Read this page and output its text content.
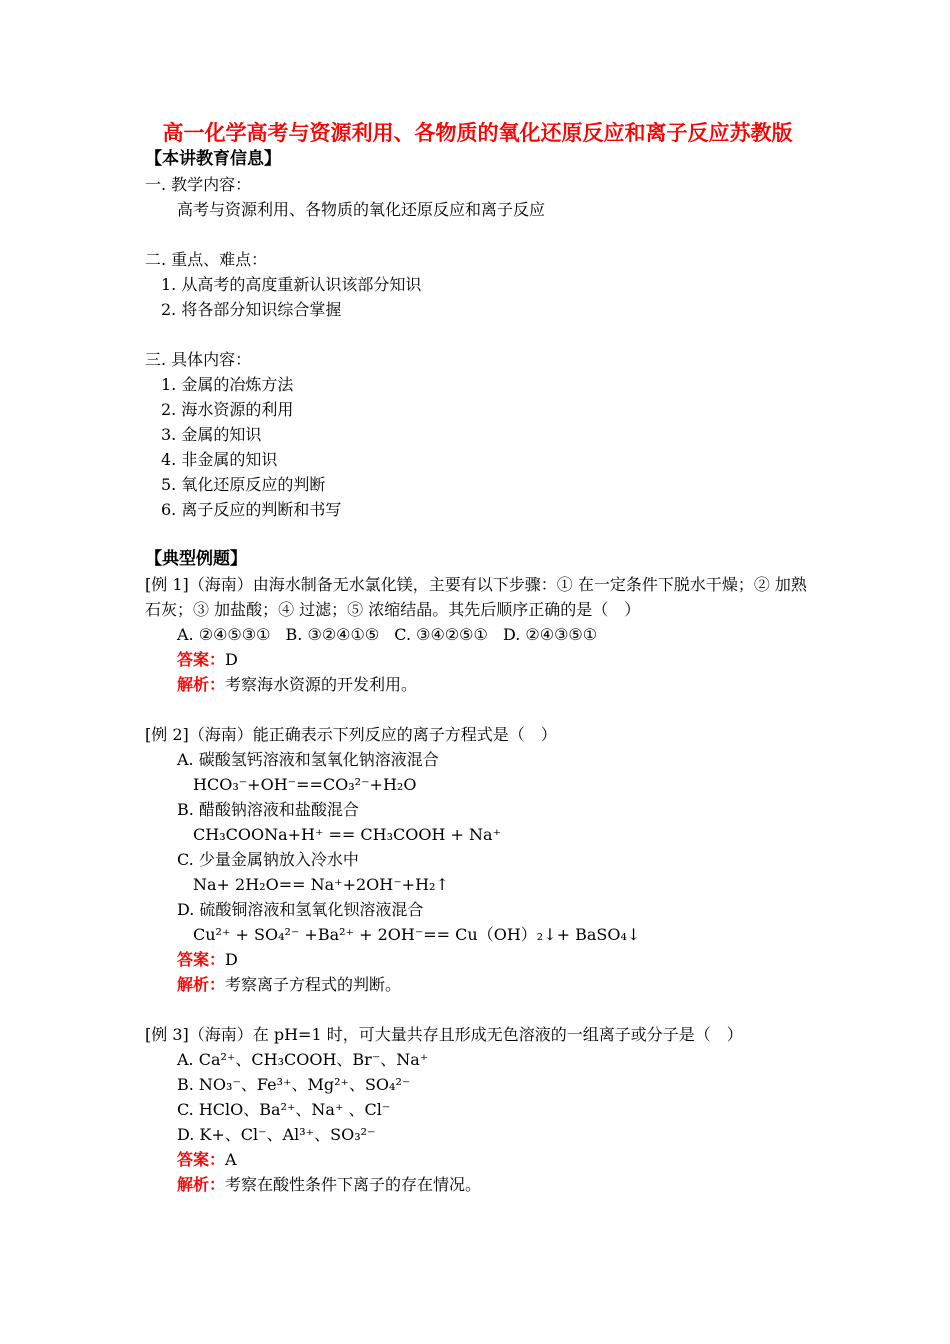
高一化学高考与资源利用、各物质的氧化还原反应和离子反应苏教版
【本讲教育信息】
一. 教学内容：
高考与资源利用、各物质的氧化还原反应和离子反应
二. 重点、难点：
1. 从高考的高度重新认识该部分知识
2. 将各部分知识综合掌握
三. 具体内容：
1. 金属的冶炼方法
2. 海水资源的利用
3. 金属的知识
4. 非金属的知识
5. 氧化还原反应的判断
6. 离子反应的判断和书写
【典型例题】
[例 1]（海南）由海水制备无水氯化镁，主要有以下步骤：① 在一定条件下脱水干燥；② 加熟石灰；③ 加盐酸；④ 过滤；⑤ 浓缩结晶。其先后顺序正确的是（　）
A. ②④⑤③① B. ③②④①⑤ C. ③④②⑤① D. ②④③⑤①
答案：D
解析：考察海水资源的开发利用。
[例 2]（海南）能正确表示下列反应的离子方程式是（　）
A. 碳酸氢钙溶液和氢氧化钠溶液混合
HCO₃⁻+OH⁻==CO₃²⁻+H₂O
B. 醋酸钠溶液和盐酸混合
CH₃COONa+H⁺ == CH₃COOH + Na⁺
C. 少量金属钠放入冷水中
Na+ 2H₂O== Na⁺+2OH⁻+H₂↑
D. 硫酸铜溶液和氢氧化钡溶液混合
Cu²⁺ + SO₄²⁻ +Ba²⁺ + 2OH⁻== Cu（OH）₂↓+ BaSO₄↓
答案：D
解析：考察离子方程式的判断。
[例 3]（海南）在 pH=1 时，可大量共存且形成无色溶液的一组离子或分子是（　）
A. Ca²⁺、CH₃COOH、Br⁻、Na⁺
B. NO₃⁻、Fe³⁺、Mg²⁺、SO₄²⁻
C. HClO、Ba²⁺、Na⁺ 、Cl⁻
D. K+、Cl⁻、Al³⁺、SO₃²⁻
答案：A
解析：考察在酸性条件下离子的存在情况。
